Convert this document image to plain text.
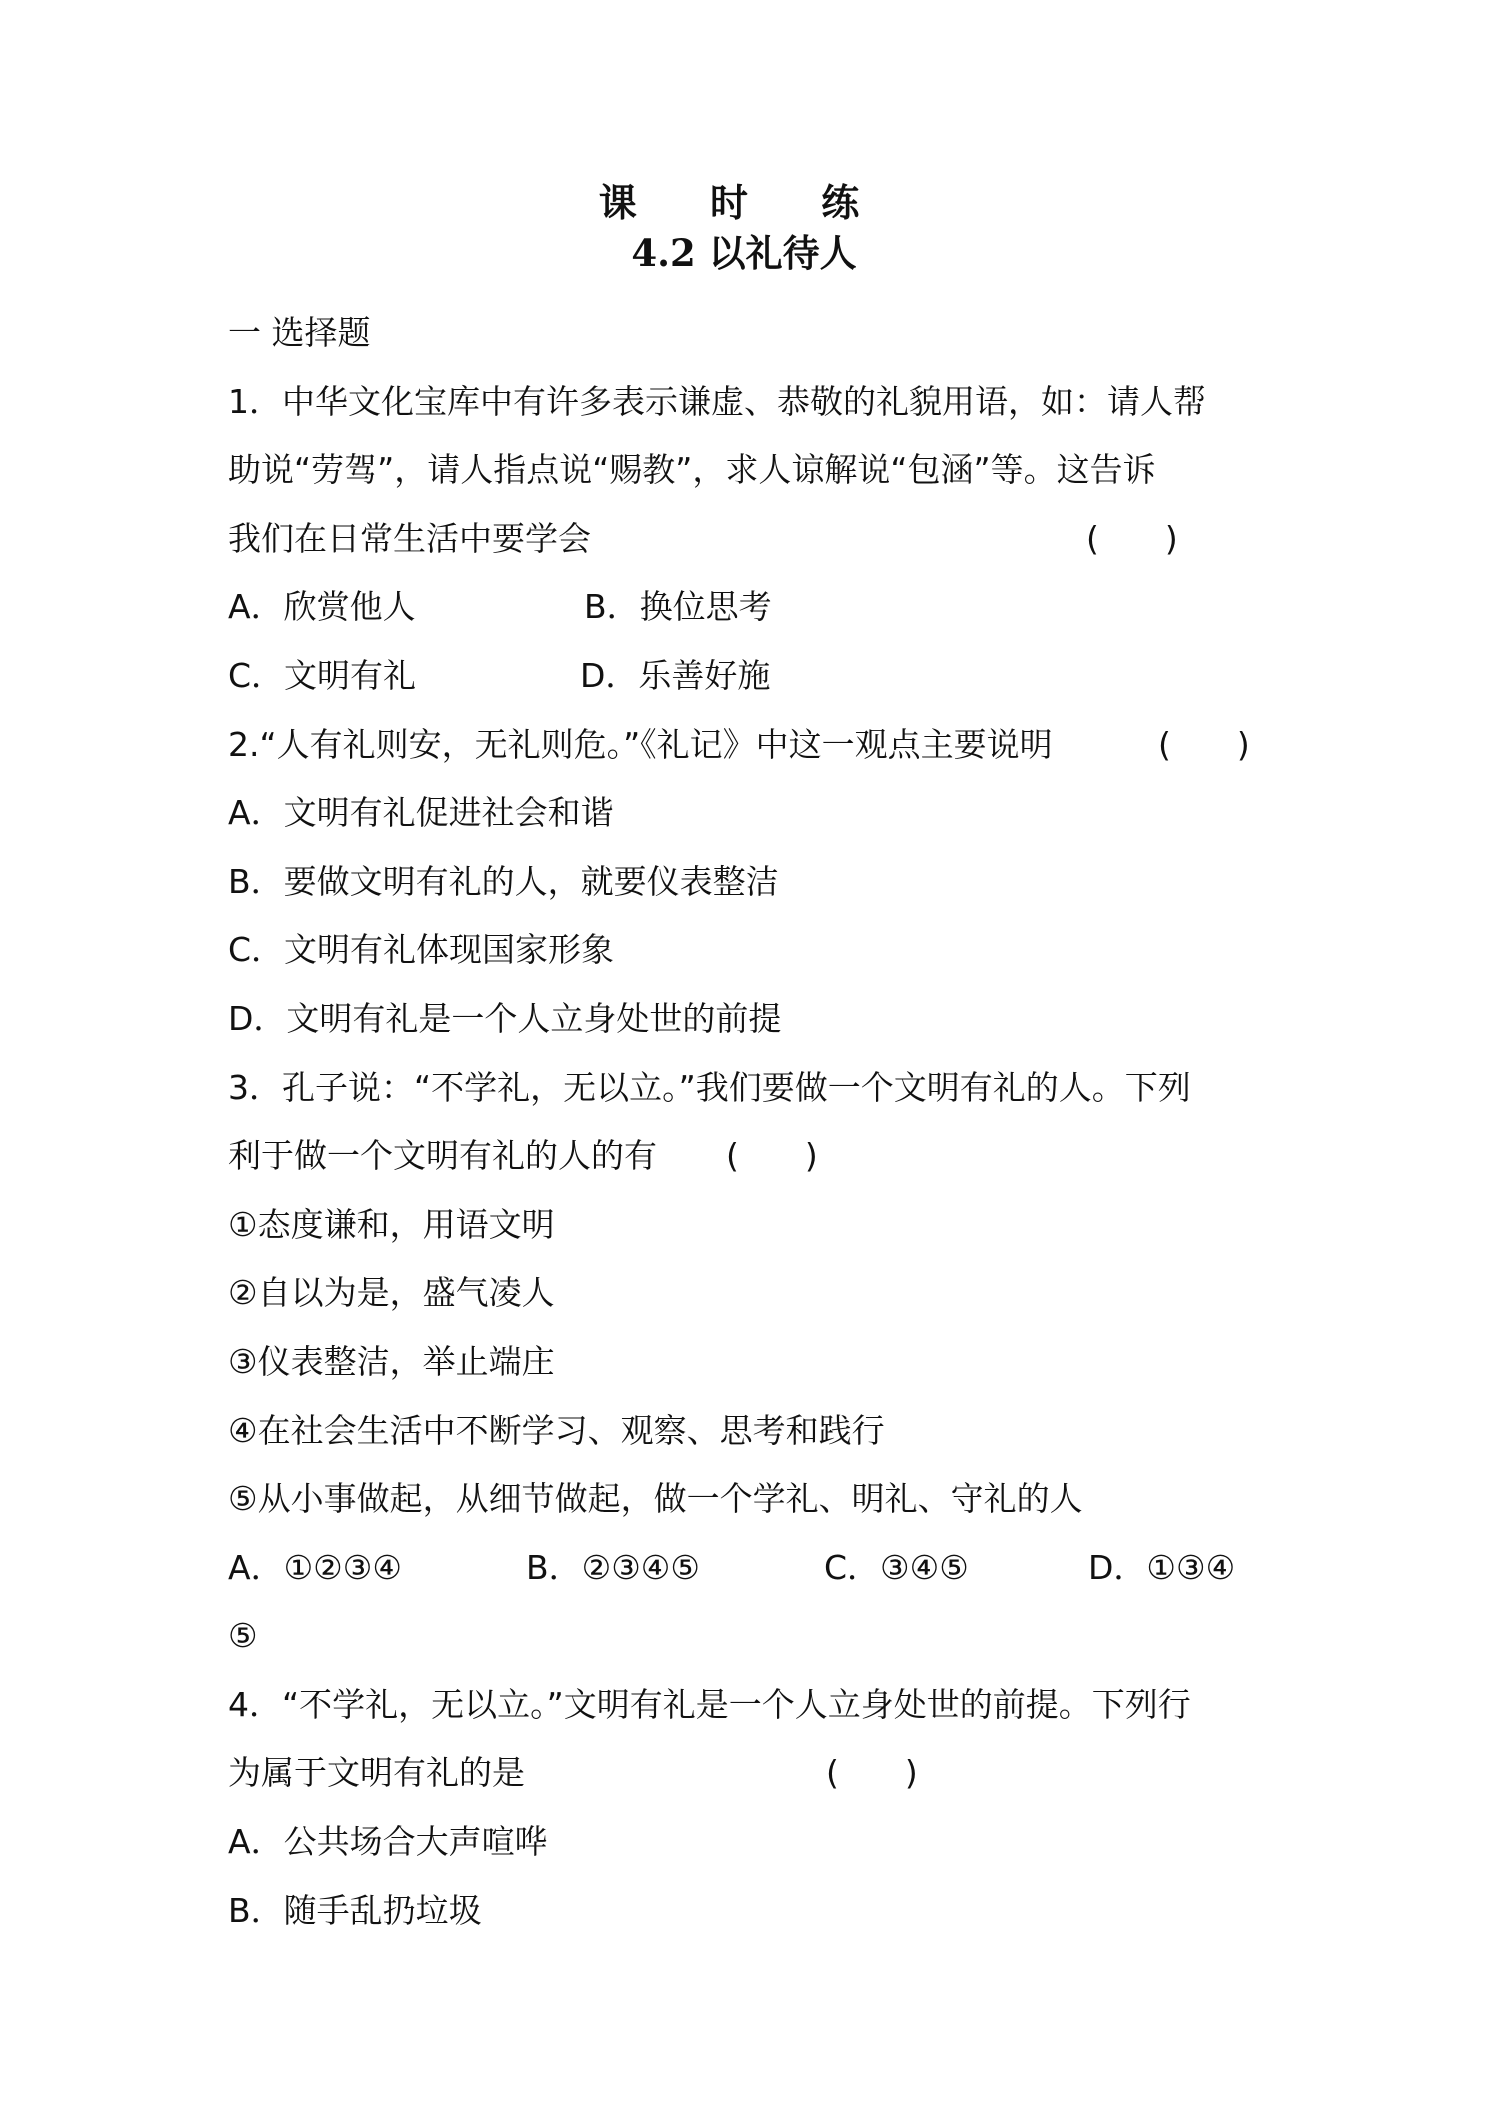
课 时 练
4.2 以礼待人
一 选择题
1．中华文化宝库中有许多表示谦虚、恭敬的礼貌用语，如：请人帮
助说“劳驾”，请人指点说“赐教”，求人谅解说“包涵”等。这告诉
我们在日常生活中要学会	( )
A．欣赏他人	B．换位思考
C．文明有礼	D．乐善好施
2.“人有礼则安，无礼则危。”《礼记》中这一观点主要说明	( )
A．文明有礼促进社会和谐
B．要做文明有礼的人，就要仪表整洁
C．文明有礼体现国家形象
D．文明有礼是一个人立身处世的前提
3．孔子说：“不学礼，无以立。”我们要做一个文明有礼的人。下列
利于做一个文明有礼的人的有 ( )
①态度谦和，用语文明
②自以为是，盛气凌人
③仪表整洁，举止端庄
④在社会生活中不断学习、观察、思考和践行
⑤从小事做起，从细节做起，做一个学礼、明礼、守礼的人
A．①②③④	B．②③④⑤	C．③④⑤	D．①③④
⑤
4．“不学礼，无以立。”文明有礼是一个人立身处世的前提。下列行
为属于文明有礼的是	( )
A．公共场合大声喧哗
B．随手乱扔垃圾
